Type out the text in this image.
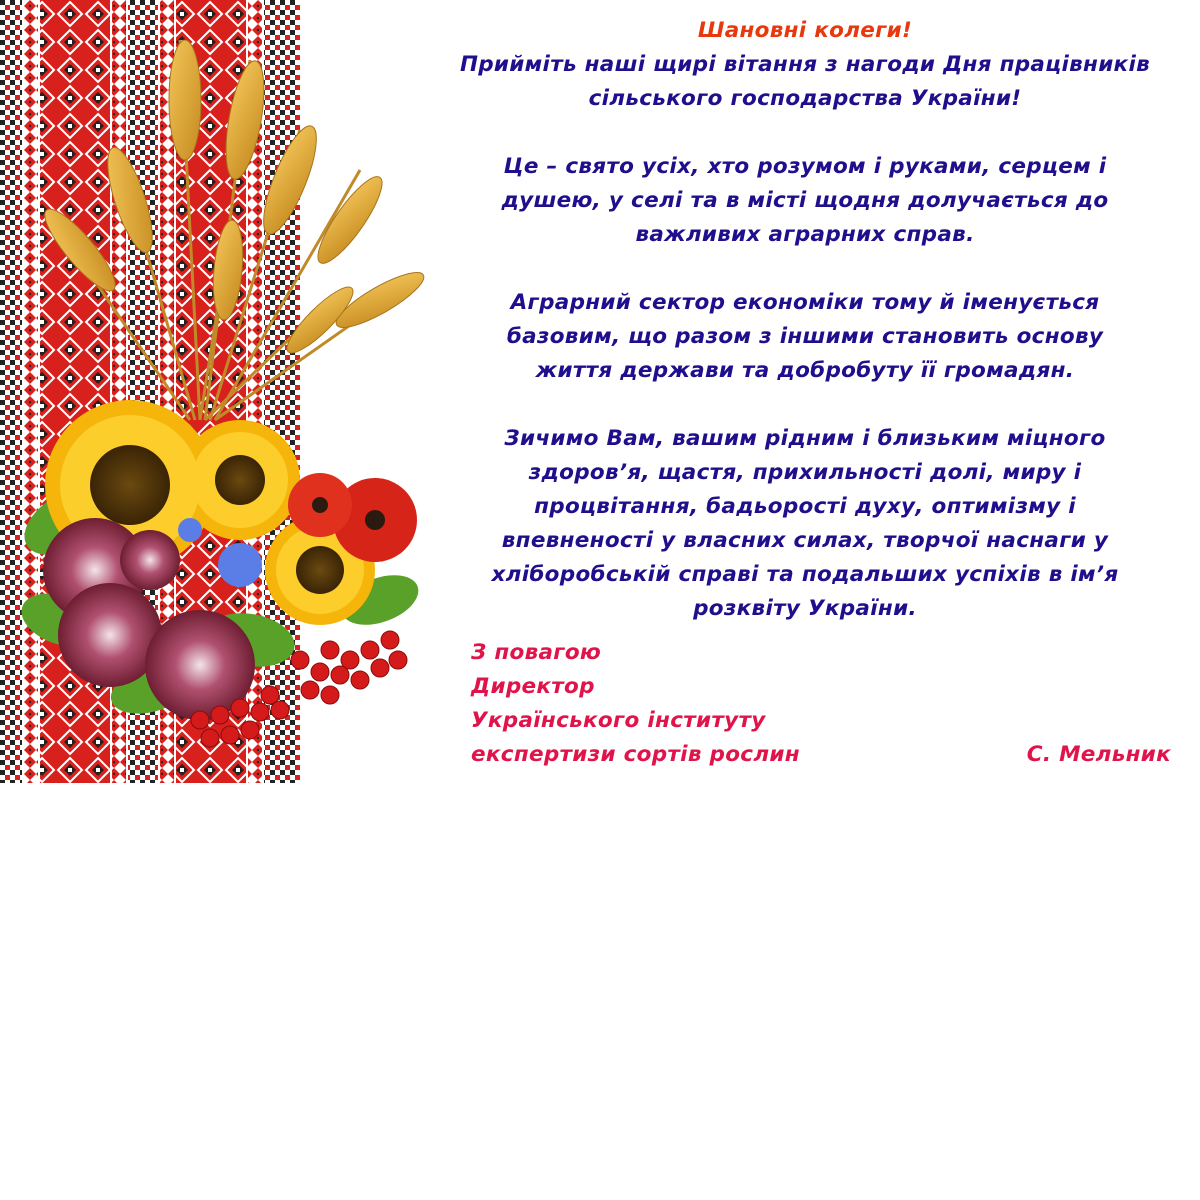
Шановні колеги!

Прийміть наші щирі вітання з нагоди Дня працівників

сільського господарства України!

Це – свято усіх, хто розумом і руками, серцем і

душею, у селі та в місті щодня долучається до

важливих аграрних справ.

Аграрний сектор економіки тому й іменується

базовим, що разом з іншими становить основу

життя держави та добробуту її громадян.

Зичимо Вам, вашим рідним і близьким міцного

здоров’я, щастя, прихильності долі, миру і

процвітання, бадьорості духу, оптимізму і

впевненості у власних силах, творчої наснаги у

хліборобській справі та подальших успіхів в ім’я

розквіту України.

З повагою
Директор
Українського інституту
експертизи сортів рослин	С. Мельник
